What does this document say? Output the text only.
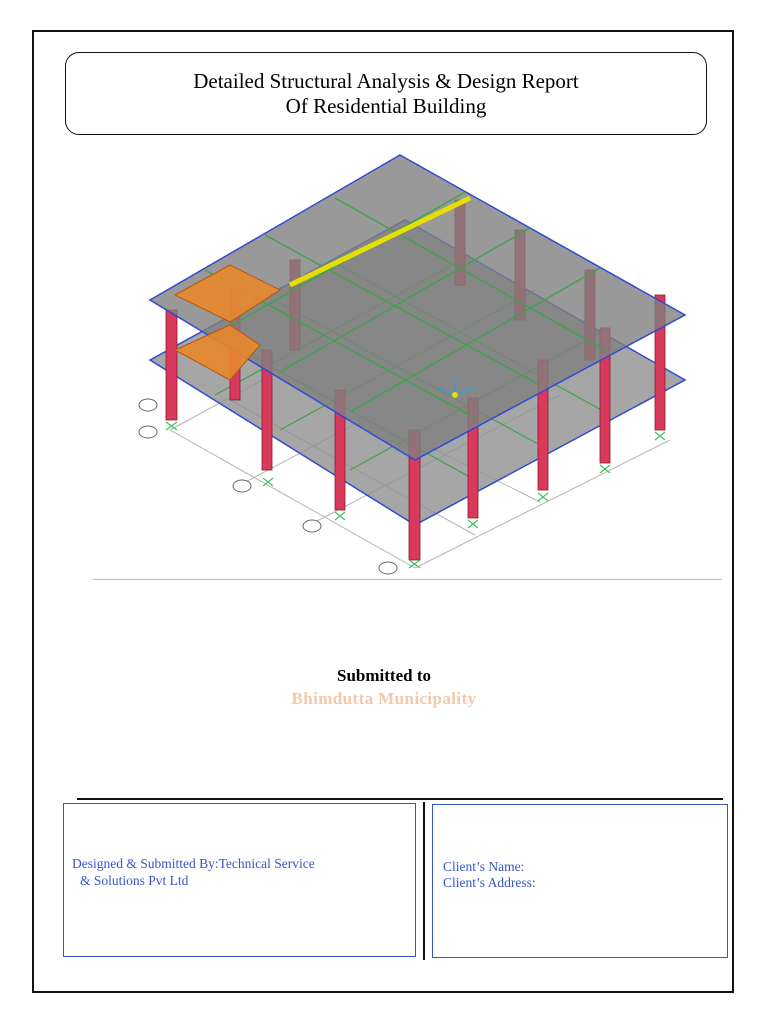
Detailed Structural Analysis & Design Report
Of Residential Building
Submitted to
Bhimdutta Municipality
Designed & Submitted By:Technical Service
& Solutions Pvt Ltd
Client’s Name:
Client’s Address:
